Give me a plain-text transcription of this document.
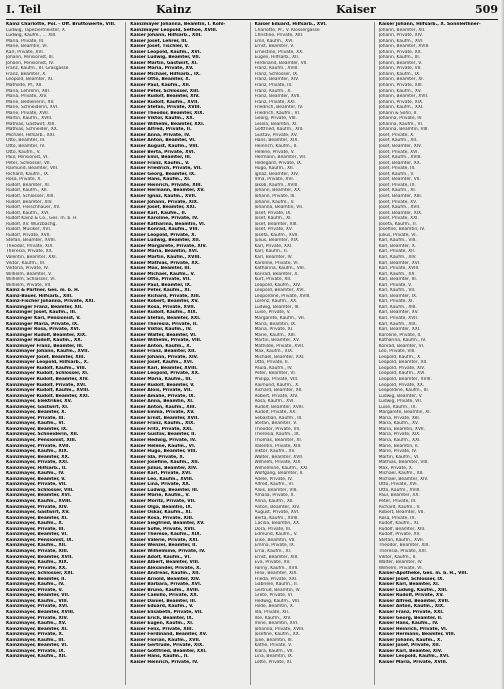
I. Teil	Kainz	Kaiser	509
Kainz Charlotte, Pol. - Off. Bruttowerte, VIII.
Ludwig, Tapeziermeister, X.
Ludwig, Kaufm., ... XIII.
Maria, Private, III.
Marie, Beamtin, VI.
Karl, Private, XVI.
Johann, Pensionist, III.
Johann, Pensionist, IV.
Franz, Kaufm., III. Grasgasse
Franz, Beamter, X.
Leopold, Beamter, XI.
Mathilde, Pf., XII.
Maria, Lehrerin, XIII.
Maria, Private, XIV.
Marie, Bedienerin, XV.
Marie, Schneiderin, XVI.
Marie, Private, XVII.
Martin, Kaufm., XVIII.
Mathias, Gastwirt, XIX.
Mathias, Schneider, XX.
Michael, Hilfsarb., XXI.
Otto, Beamter, III.
Otto, Beamter, IV.
Otto, Kaufm., V.
Paul, Pensionist, VI.
Peter, Schlosser, VII.
Raimund, Beamter, VIII.
Richard, Kaufm., IX.
Rosa, Private, X.
Rudolf, Beamter, XI.
Rudolf, Kaufm., XII.
Rudolf, Schlosser, XIII.
Rudolf, Beamter, XIV.
Rudolf, Fleischhauer, XV.
Rudolf, Kaufm., XVI.
Rudolf Kainz & Co., Ges. m. b. H.
Rudolf, XV. Wurzbachg.
Rudolf, Musiker, XVI.
Rudolf, Private, XVII.
Stefan, Beamter, XVIII.
Theodor, Private, XIX.
Theresia, Private, XX.
Valentin, Beamter, XXI.
Viktor, Kaufm., III.
Viktoria, Private, IV.
Wilhelm, Beamter, V.
Wilhelm, Schlosser, VI.
Wilhelm, Private, VII.
Kainz & Partner, Ges. m. b. H.
Kainz-Bauer, Hilfsarb., XIII.
Kainz-Fischer Johanna, Private, XXI.
Kainzinger Franz, Beamter, XII.
Kainzinger Josef, Kaufm., III.
Kainzinger Karl, Pensionist, V.
Kainzinger Maria, Private, IX.
Kainzinger Rosa, Private, XVI.
Kainzinger Rudolf, Beamter, XIX.
Kainzinger Rudolf, Kaufm., XX.
Kainzmayer Franz, Beamter, III.
Kainzmayer Johann, Kaufm., XVII.
Kainzmayer Josef, Beamter, XIII.
Kainzmayer Leopold, Hilfsarb., X.
Kainzmayer Rudolf, Kaufm., VIII.
Kainzmayer Rudolf, Schlosser, XI.
Kainzmayer Rudolf, Beamter, XIV.
Kainzmayer Rudolf, Private, XVI.
Kainzmayer Rudolf, Kaufm., XVIII.
Kainzmayer Rudolf, Beamter, XXI.
Kainzmayer, Elektriker, XV.
Kainzmayer, Gastwirt, XI.
Kainzmayer, Beamter, X.
Kainzmayer, Private, III.
Kainzmayer, Kaufm., VI.
Kainzmayer, Beamter, IX.
Kainzmayer, Schneiderin, XII.
Kainzmayer, Pensionist, XIII.
Kainzmayer, Private, XVII.
Kainzmayer, Kaufm., XIX.
Kainzmayer, Beamter, XX.
Kainzmayer, Private, XXI.
Kainzmayer, Hilfsarb., II.
Kainzmayer, Kaufm., IV.
Kainzmayer, Beamter, V.
Kainzmayer, Private, VII.
Kainzmayer, Schlosser, VIII.
Kainzmayer, Beamter, XVI.
Kainzmayer, Kaufm., XVIII.
Kainzmayer, Private, XIV.
Kainzmayer, Gastwirt, XV.
Kainzmayer, Beamter, XI.
Kainzmayer, Kaufm., X.
Kainzmayer, Private, III.
Kainzmayer, Beamter, VI.
Kainzmayer, Pensionist, IX.
Kainzmayer, Kaufm., XII.
Kainzmayer, Private, XIII.
Kainzmayer, Beamter, XVII.
Kainzmayer, Kaufm., XIX.
Kainzmayer, Private, XX.
Kainzmayer, Schlosser, XXI.
Kainzmayer, Beamter, II.
Kainzmayer, Kaufm., IV.
Kainzmayer, Private, V.
Kainzmayer, Beamter, VII.
Kainzmayer, Kaufm., VIII.
Kainzmayer, Private, XVI.
Kainzmayer, Beamter, XVIII.
Kainzmayer, Private, XIV.
Kainzmayer, Kaufm., XV.
Kainzmayer, Beamter, XI.
Kainzmayer, Private, X.
Kainzmayer, Kaufm., III.
Kainzmayer, Beamter, VI.
Kainzmayer, Private, IX.
Kainzmayer, Kaufm., XII.
Kainzmayer Johanna, Beamtin, I. Kohl-
Kainzmayer Leopold, Sethoe, XVIII.
Kaiser Johann, Hilfsarb., XIII.
Kaiser Josef, Lehrer, III.
Kaiser Josef, Tischler, V.
Kaiser Leopold, Kaufm., XVI.
Kaiser Ludwig, Beamter, VII.
Kaiser Martin, Gastwirt, XI.
Kaiser Maria, Private, XV.
Kaiser Michael, Hilfsarb., IX.
Kaiser Otto, Beamter, X.
Kaiser Paul, Kaufm., XII.
Kaiser Peter, Schlosser, XIII.
Kaiser Rudolf, Beamter, XIV.
Kaiser Rudolf, Kaufm., XVII.
Kaiser Stefan, Private, XVIII.
Kaiser Theodor, Beamter, XIX.
Kaiser Viktor, Kaufm., XX.
Kaiser Wilhelm, Beamter, XXI.
Kaiser Alfred, Private, II.
Kaiser Anna, Private, IV.
Kaiser Anton, Beamter, VI.
Kaiser August, Kaufm., VIII.
Kaiser Berta, Private, XVI.
Kaiser Emil, Beamter, III.
Kaiser Franz, Kaufm., V.
Kaiser Friedrich, Private, VII.
Kaiser Georg, Beamter, IX.
Kaiser Hans, Kaufm., XI.
Kaiser Heinrich, Private, XIII.
Kaiser Hermann, Beamter, XV.
Kaiser Ignaz, Kaufm., XVII.
Kaiser Johann, Private, XIX.
Kaiser Josef, Beamter, XXI.
Kaiser Karl, Kaufm., II.
Kaiser Karoline, Private, IV.
Kaiser Katharina, Beamtin, VI.
Kaiser Konrad, Kaufm., VIII.
Kaiser Leopold, Private, X.
Kaiser Ludwig, Beamter, XII.
Kaiser Margarete, Private, XIV.
Kaiser Maria, Beamtin, XVI.
Kaiser Martin, Kaufm., XVIII.
Kaiser Mathias, Private, XX.
Kaiser Max, Beamter, III.
Kaiser Michael, Kaufm., V.
Kaiser Otto, Private, VII.
Kaiser Paul, Beamter, IX.
Kaiser Peter, Kaufm., XI.
Kaiser Richard, Private, XIII.
Kaiser Robert, Beamter, XV.
Kaiser Rosa, Private, XVII.
Kaiser Rudolf, Kaufm., XIX.
Kaiser Stefan, Beamter, XXI.
Kaiser Theresia, Private, II.
Kaiser Viktor, Kaufm., IV.
Kaiser Walter, Beamter, VI.
Kaiser Wilhelm, Private, VIII.
Kaiser Anton, Kaufm., X.
Kaiser Franz, Beamter, XII.
Kaiser Johann, Private, XIV.
Kaiser Josef, Kaufm., XVI.
Kaiser Karl, Beamter, XVIII.
Kaiser Leopold, Private, XX.
Kaiser Maria, Kaufm., III.
Kaiser Rudolf, Beamter, V.
Kaiser Alois, Private, VII.
Kaiser Amalie, Private, IX.
Kaiser Anna, Beamtin, XI.
Kaiser Anton, Kaufm., XIII.
Kaiser Emma, Private, XV.
Kaiser Ernst, Beamter, XVII.
Kaiser Franz, Kaufm., XIX.
Kaiser Fritz, Private, XXI.
Kaiser Gustav, Beamter, II.
Kaiser Hedwig, Private, IV.
Kaiser Helene, Kaufm., VI.
Kaiser Hugo, Beamter, VIII.
Kaiser Ida, Private, X.
Kaiser Josefine, Kaufm., XII.
Kaiser Julius, Beamter, XIV.
Kaiser Karl, Private, XVI.
Kaiser Leo, Kaufm., XVIII.
Kaiser Lina, Private, XX.
Kaiser Ludwig, Beamter, III.
Kaiser Marie, Kaufm., V.
Kaiser Moritz, Private, VII.
Kaiser Olga, Beamtin, IX.
Kaiser Oskar, Kaufm., XI.
Kaiser Rosa, Private, XIII.
Kaiser Siegfried, Beamter, XV.
Kaiser Sofie, Private, XVII.
Kaiser Therese, Kaufm., XIX.
Kaiser Valerie, Private, XXI.
Kaiser Wenzel, Beamter, II.
Kaiser Wilhelmine, Private, IV.
Kaiser Adolf, Kaufm., VI.
Kaiser Albert, Beamter, VIII.
Kaiser Alexander, Private, X.
Kaiser Andreas, Kaufm., XII.
Kaiser Arnold, Beamter, XIV.
Kaiser Barbara, Private, XVI.
Kaiser Bruno, Kaufm., XVIII.
Kaiser Camillo, Private, XX.
Kaiser Daniel, Beamter, III.
Kaiser Eduard, Kaufm., V.
Kaiser Elisabeth, Private, VII.
Kaiser Erich, Beamter, IX.
Kaiser Eugen, Kaufm., XI.
Kaiser Felix, Private, XIII.
Kaiser Ferdinand, Beamter, XV.
Kaiser Florian, Kaufm., XVII.
Kaiser Gertrude, Private, XIX.
Kaiser Gottfried, Beamter, XXI.
Kaiser Hans, Kaufm., II.
Kaiser Heinrich, Private, IV.
Kaiser Eduard, Hilfsarb., XVI.
Charlotte, Pr., V. Klossergasse
Christine, Private, XIII.
Emil, Kaufm., XVI.
Ernst, Beamter, V.
Ernestine, Private, XX.
Eugen, Hilfsarb., XII.
Ferdinand, Beamter, VII.
Franz, Kaufm., XVIII.
Franz, Schlosser, IX.
Franz, Beamter, XIV.
Franz, Private, III.
Franz, Kaufm., X.
Franz, Beamter, XVII.
Franz, Private, XXI.
Friedrich, Beamter, IV.
Friedrich, Kaufm., VI.
Georg, Private, VIII.
Gisela, Beamtin, XI.
Gottfried, Kaufm., XIII.
Gustav, Private, XV.
Hans, Beamter, XIX.
Heinrich, Kaufm., II.
Helene, Private, V.
Hermann, Beamter, VII.
Hildegard, Private, IX.
Hugo, Kaufm., XII.
Ignaz, Beamter, XIV.
Irma, Private, XVI.
Jakob, Kaufm., XVIII.
Johann, Beamter, XX.
Johann, Private, III.
Johann, Kaufm., V.
Johanna, Beamtin, VII.
Josef, Private, IX.
Josef, Kaufm., XI.
Josef, Beamter, XIII.
Josef, Private, XV.
Josefa, Kaufm., XVII.
Julius, Beamter, XIX.
Karl, Private, XXI.
Karl, Kaufm., II.
Karl, Beamter, IV.
Karoline, Private, VI.
Katharina, Kaufm., VIII.
Konrad, Beamter, X.
Kurt, Private, XII.
Leopold, Kaufm., XIV.
Leopold, Beamter, XVI.
Leopoldine, Private, XVIII.
Lorenz, Kaufm., XX.
Ludwig, Beamter, III.
Luise, Private, V.
Margarete, Kaufm., VII.
Maria, Beamtin, IX.
Maria, Private, XI.
Marie, Kaufm., XIII.
Martin, Beamter, XV.
Mathilde, Private, XVII.
Max, Kaufm., XIX.
Michael, Beamter, XXI.
Otto, Private, II.
Paula, Kaufm., IV.
Peter, Beamter, VI.
Philipp, Private, VIII.
Raimund, Kaufm., X.
Richard, Beamter, XII.
Robert, Private, XIV.
Rosa, Kaufm., XVI.
Rudolf, Beamter, XVIII.
Rudolf, Private, XX.
Sebastian, Kaufm., III.
Stefan, Beamter, V.
Theodor, Private, VII.
Theresia, Kaufm., IX.
Thomas, Beamter, XI.
Valentin, Private, XIII.
Viktor, Kaufm., XV.
Walter, Beamter, XVII.
Wilhelm, Private, XIX.
Wilhelmine, Kaufm., XXI.
Wolfgang, Beamter, II.
Adele, Private, IV.
Alfred, Kaufm., VI.
Alois, Beamter, VIII.
Amalia, Private, X.
Anna, Kaufm., XII.
Anton, Beamter, XIV.
August, Private, XVI.
Berta, Kaufm., XVIII.
Cäcilia, Beamtin, XX.
Dora, Private, III.
Edmund, Kaufm., V.
Elise, Beamtin, VII.
Emma, Private, IX.
Erna, Kaufm., XI.
Ernst, Beamter, XIII.
Eva, Private, XV.
Fanny, Kaufm., XVII.
Felix, Beamter, XIX.
Frieda, Private, XXI.
Gabriele, Kaufm., II.
Gertrud, Beamtin, IV.
Grete, Private, VI.
Hedwig, Kaufm., VIII.
Hilde, Beamtin, X.
Ida, Private, XII.
Ilse, Kaufm., XIV.
Irene, Beamtin, XVI.
Johanna, Private, XVIII.
Josefine, Kaufm., XX.
Julie, Beamtin, III.
Käthe, Private, V.
Klara, Kaufm., VII.
Lina, Beamtin, IX.
Lotte, Private, XI.
Kaiser Johann, Hilfsarb., X. Sonnleithner-
Johann, Beamter, XII.
Johann, Private, XIV.
Johann, Kaufm., XVI.
Johann, Beamter, XVIII.
Johann, Private, XX.
Johann, Kaufm., III.
Johann, Beamter, V.
Johann, Private, VII.
Johann, Kaufm., IX.
Johann, Beamter, XI.
Johann, Private, XIII.
Johann, Kaufm., XV.
Johann, Beamter, XVII.
Johann, Private, XIX.
Johann, Kaufm., XXI.
Johann & Sohn, II.
Johanna, Private, IV.
Johanna, Kaufm., VI.
Johanna, Beamtin, VIII.
Josef, Private, X.
Josef, Kaufm., XII.
Josef, Beamter, XIV.
Josef, Private, XVI.
Josef, Kaufm., XVIII.
Josef, Beamter, XX.
Josef, Private, III.
Josef, Kaufm., V.
Josef, Beamter, VII.
Josef, Private, IX.
Josef, Kaufm., XI.
Josef, Beamter, XIII.
Josef, Private, XV.
Josef, Kaufm., XVII.
Josef, Beamter, XIX.
Josef, Private, XXI.
Josefa, Kaufm., II.
Josefine, Beamtin, IV.
Julius, Private, VI.
Karl, Kaufm., VIII.
Karl, Beamter, X.
Karl, Private, XII.
Karl, Kaufm., XIV.
Karl, Beamter, XVI.
Karl, Private, XVIII.
Karl, Kaufm., XX.
Karl, Beamter, III.
Karl, Private, V.
Karl, Kaufm., VII.
Karl, Beamter, IX.
Karl, Private, XI.
Karl, Kaufm., XIII.
Karl, Beamter, XV.
Karl, Private, XVII.
Karl, Kaufm., XIX.
Karl, Beamter, XXI.
Karoline, Private, II.
Katharina, Kaufm., IV.
Konrad, Beamter, VI.
Leo, Private, VIII.
Leopold, Kaufm., X.
Leopold, Beamter, XII.
Leopold, Private, XIV.
Leopold, Kaufm., XVI.
Leopold, Beamter, XVIII.
Leopold, Private, XX.
Leopoldine, Kaufm., III.
Ludwig, Beamter, V.
Ludwig, Private, VII.
Luise, Kaufm., IX.
Margarete, Beamtin, XI.
Maria, Private, XIII.
Maria, Kaufm., XV.
Maria, Beamtin, XVII.
Maria, Private, XIX.
Maria, Kaufm., XXI.
Marie, Beamtin, II.
Marie, Private, IV.
Martin, Kaufm., VI.
Mathias, Beamter, VIII.
Max, Private, X.
Michael, Kaufm., XII.
Michael, Beamter, XIV.
Otto, Private, XVI.
Otto, Kaufm., XVIII.
Paul, Beamter, XX.
Peter, Private, III.
Richard, Kaufm., V.
Robert, Beamter, VII.
Rosa, Private, IX.
Rudolf, Kaufm., XI.
Rudolf, Beamter, XIII.
Rudolf, Private, XV.
Stefan, Kaufm., XVII.
Theodor, Beamter, XIX.
Theresia, Private, XXI.
Viktor, Kaufm., II.
Walter, Beamter, IV.
Wilhelm, Private, VI.
Kaiser-Apotheke, Ges. m. b. H., VIII.
Kaiser Josef, Schlosser, IX.
Kaiser Karl, Beamter, XI.
Kaiser Ludwig, Kaufm., XIII.
Kaiser Rudolf, Private, XV.
Kaiser Alfred, Beamter, XVII.
Kaiser Anton, Kaufm., XIX.
Kaiser Franz, Private, XXI.
Kaiser Georg, Beamter, II.
Kaiser Hans, Kaufm., IV.
Kaiser Heinrich, Private, VI.
Kaiser Hermann, Beamter, VIII.
Kaiser Johann, Kaufm., X.
Kaiser Josef, Private, XII.
Kaiser Karl, Beamter, XIV.
Kaiser Leopold, Kaufm., XVI.
Kaiser Maria, Private, XVIII.
